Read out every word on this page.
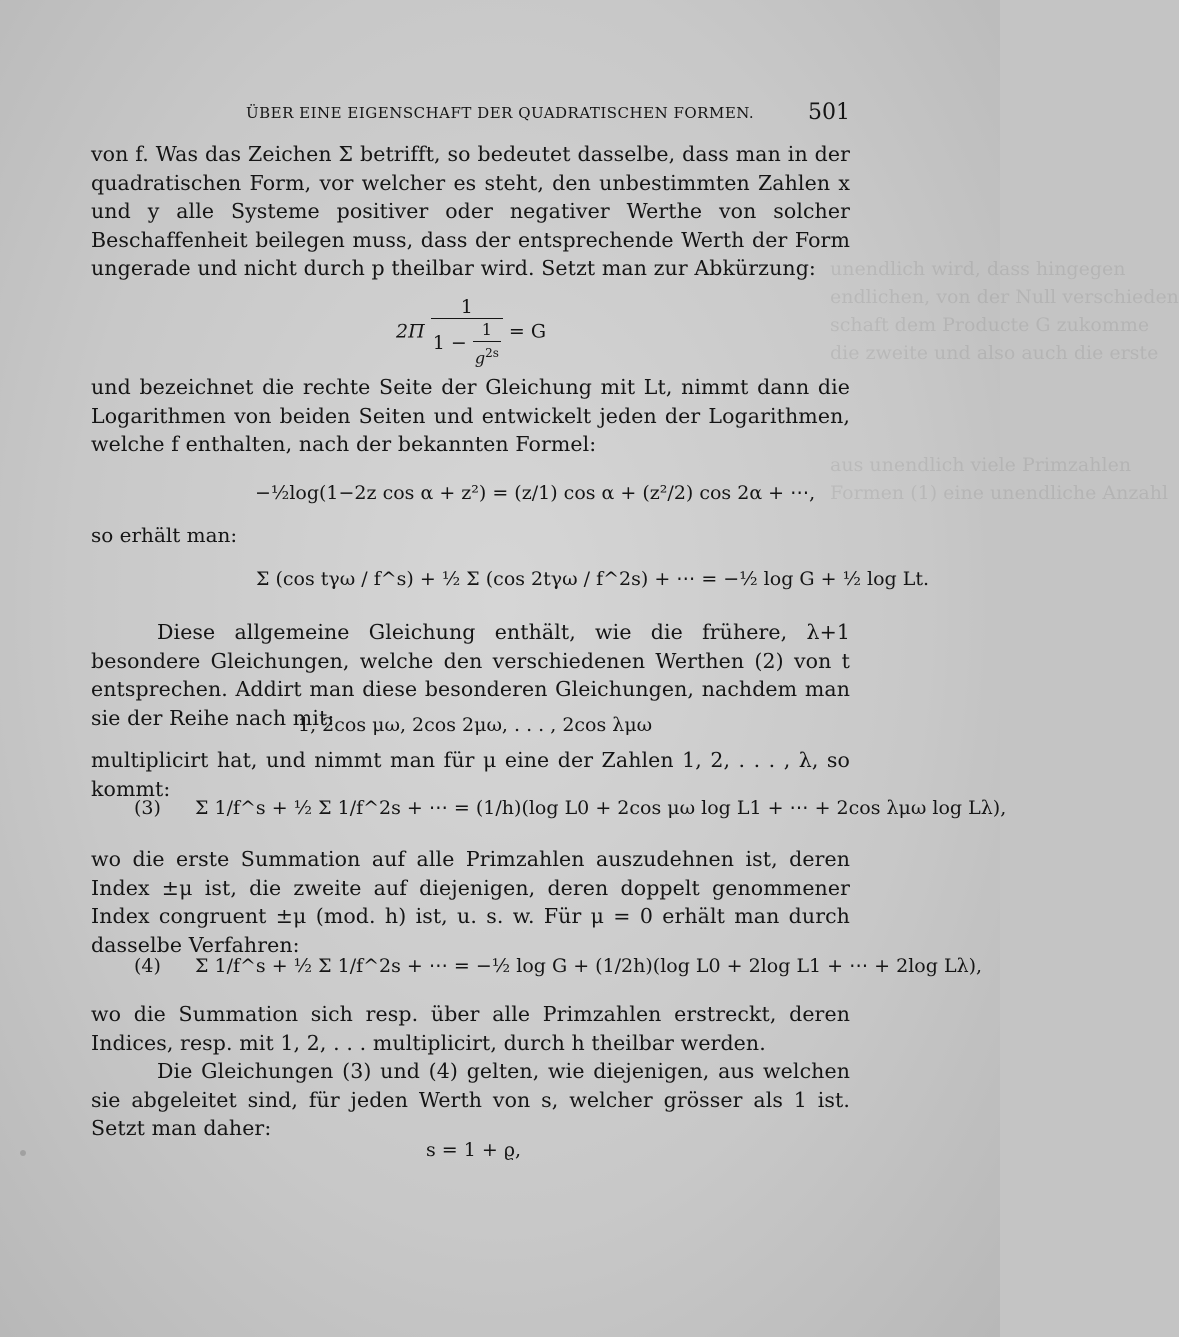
unendlich wird, dass hingegen
endlichen, von der Null verschieden
schaft dem Producte G zukomme
die zweite und also auch die erste

aus unendlich viele Primzahlen
Formen (1) eine unendliche Anzahl
ÜBER EINE EIGENSCHAFT DER QUADRATISCHEN FORMEN. 501

von f. Was das Zeichen Σ betrifft, so bedeutet dasselbe, dass man in der quadratischen Form, vor welcher es steht, den unbestimmten Zahlen x und y alle Systeme positiver oder negativer Werthe von solcher Beschaffenheit beilegen muss, dass der entsprechende Werth der Form ungerade und nicht durch p theilbar wird. Setzt man zur Abkürzung:

$2\Pi \frac{1}{1 - \frac{1}{g^{2s}}} = G$

und bezeichnet die rechte Seite der Gleichung mit Lt, nimmt dann die Logarithmen von beiden Seiten und entwickelt jeden der Logarithmen, welche f enthalten, nach der bekannten Formel:

−½log(1−2z cos α + z²) = (z/1) cos α + (z²/2) cos 2α + ⋯,
so erhält man:
Σ (cos tγω / f^s) + ½ Σ (cos 2tγω / f^2s) + ⋯ = −½ log G + ½ log Lt.

Diese allgemeine Gleichung enthält, wie die frühere, λ+1 besondere Gleichungen, welche den verschiedenen Werthen (2) von t entsprechen. Addirt man diese besonderen Gleichungen, nachdem man sie der Reihe nach mit:

1, 2cos μω, 2cos 2μω, . . . , 2cos λμω

multiplicirt hat, und nimmt man für μ eine der Zahlen 1, 2, . . . , λ, so kommt:

(3) Σ 1/f^s + ½ Σ 1/f^2s + ⋯ = (1/h)(log L0 + 2cos μω log L1 + ⋯ + 2cos λμω log Lλ),

wo die erste Summation auf alle Primzahlen auszudehnen ist, deren Index ±μ ist, die zweite auf diejenigen, deren doppelt genommener Index congruent ±μ (mod. h) ist, u. s. w. Für μ = 0 erhält man durch dasselbe Verfahren:

(4) Σ 1/f^s + ½ Σ 1/f^2s + ⋯ = −½ log G + (1/2h)(log L0 + 2log L1 + ⋯ + 2log Lλ),

wo die Summation sich resp. über alle Primzahlen erstreckt, deren Indices, resp. mit 1, 2, . . . multiplicirt, durch h theilbar werden.

Die Gleichungen (3) und (4) gelten, wie diejenigen, aus welchen sie abgeleitet sind, für jeden Werth von s, welcher grösser als 1 ist. Setzt man daher:

s = 1 + ϱ,
